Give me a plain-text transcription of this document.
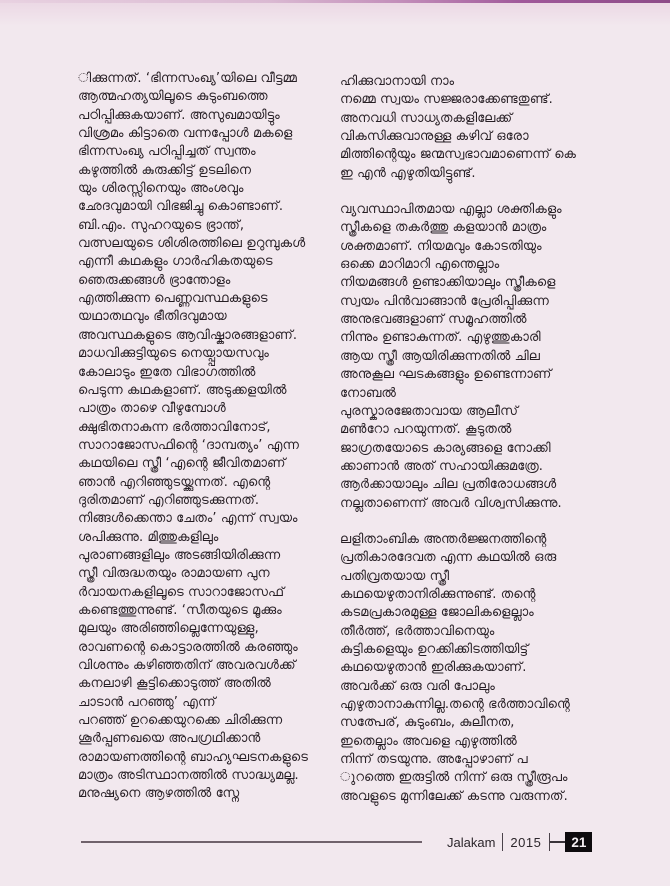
ിക്കുന്നത്. ‘ഭിന്നസംഖ്യ’യിലെ വീട്ടമ്മ
ആത്മഹത്യയിലൂടെ കുടുംബത്തെ
പഠിപ്പിക്കുകയാണ്. അസുഖമായിട്ടും
വിശ്രമം കിട്ടാതെ വന്നപ്പോൾ മകളെ
ഭിന്നസംഖ്യ പഠിപ്പിച്ചത് സ്വന്തം
കഴുത്തിൽ കുരുക്കിട്ട് ഉടലിനെ
യും ശിരസ്സിനെയും അംശവും
ഛേദവുമായി വിഭജിച്ചു കൊണ്ടാണ്.
ബി.എം. സുഹറയുടെ ഭ്രാന്ത്,
വത്സലയുടെ ശിശിരത്തിലെ ഉറുമ്പുകൾ
എന്നീ കഥകളും ഗാർഹികതയുടെ
ഞെരുക്കങ്ങൾ ഭ്രാന്തോളം
എത്തിക്കുന്ന പെണ്ണവസ്ഥകളുടെ
യഥാതഥവും ഭീതിദവുമായ
അവസ്ഥകളുടെ ആവിഷ്കാരങ്ങളാണ്.
മാധവിക്കുട്ടിയുടെ നെയ്പ്പായസവും
കോലാടും ഇതേ വിഭാഗത്തിൽ
പെടുന്ന കഥകളാണ്. അടുക്കളയിൽ
പാത്രം താഴെ വീഴുമ്പോൾ
ക്ഷുഭിതനാകുന്ന ഭർത്താവിനോട്,
സാറാജോസഫിന്റെ ‘ദാമ്പത്യം’ എന്ന
കഥയിലെ സ്ത്രീ ‘എന്റെ ജീവിതമാണ്
ഞാൻ എറിഞ്ഞുടയ്ക്കുന്നത്. എന്റെ
ദുരിതമാണ് എറിഞ്ഞുടക്കുന്നത്.
നിങ്ങൾക്കെന്താ ചേതം’ എന്ന് സ്വയം
ശപിക്കുന്നു. മിത്തുകളിലും
പുരാണങ്ങളിലും അടങ്ങിയിരിക്കുന്ന
സ്ത്രീ വിരുദ്ധതയും രാമായണ പുന
ർവായനകളിലൂടെ സാറാജോസഫ്
കണ്ടെത്തുന്നുണ്ട്. ‘സീതയുടെ മൂക്കും
മുലയും അരിഞ്ഞില്ലെന്നേയുള്ളു,
രാവണന്റെ കൊട്ടാരത്തിൽ കരഞ്ഞും
വിശന്നും കഴിഞ്ഞതിന് അവരവൾക്ക്
കനലാഴി കൂട്ടിക്കൊടുത്ത് അതിൽ
ചാടാൻ പറഞ്ഞു’ എന്ന്
പറഞ്ഞ് ഉറക്കെയുറക്കെ ചിരിക്കുന്ന
ശൂർപ്പണഖയെ അപഗ്രഥിക്കാൻ
രാമായണത്തിന്റെ ബാഹ്യഘടനകളുടെ
മാത്രം അടിസ്ഥാനത്തിൽ സാദ്ധ്യമല്ല.
മനുഷ്യനെ ആഴത്തിൽ സ്നേ
ഹിക്കുവാനായി നാം
നമ്മെ സ്വയം സജ്ജരാക്കേണ്ടതുണ്ട്.
അനവധി സാധ്യതകളിലേക്ക്
വികസിക്കുവാനുള്ള കഴിവ് ഒരോ
മിത്തിന്റെയും ജന്മസ്വഭാവമാണെന്ന് കെ
ഇ എൻ എഴുതിയിട്ടുണ്ട്.
വ്യവസ്ഥാപിതമായ എല്ലാ ശക്തികളും
സ്ത്രീകളെ തകർത്തു കളയാൻ മാത്രം
ശക്തമാണ്. നിയമവും കോടതിയും
ഒക്കെ മാറിമാറി എന്തെല്ലാം
നിയമങ്ങൾ ഉണ്ടാക്കിയാലും സ്ത്രീകളെ
സ്വയം പിൻവാങ്ങാൻ പ്രേരിപ്പിക്കുന്ന
അനുഭവങ്ങളാണ് സമൂഹത്തിൽ
നിന്നും ഉണ്ടാകുന്നത്. എഴുത്തുകാരി
ആയ സ്ത്രീ ആയിരിക്കുന്നതിൽ ചില
അനുകൂല ഘടകങ്ങളും ഉണ്ടെന്നാണ്
നോബൽ
പുരസ്കാരജേതാവായ ആലീസ്
മൺറോ പറയുന്നത്. കൂടുതൽ
ജാഗ്രതയോടെ കാര്യങ്ങളെ നോക്കി
ക്കാണാൻ അത് സഹായിക്കുമത്രേ.
ആർക്കായാലും ചില പ്രതിരോധങ്ങൾ
നല്ലതാണെന്ന് അവർ വിശ്വസിക്കുന്നു.
ലളിതാംബിക അന്തർജ്ജനത്തിന്റെ
പ്രതികാരദേവത എന്ന കഥയിൽ ഒരു
പതിവ്രതയായ സ്ത്രീ
കഥയെഴുതാനിരിക്കുന്നുണ്ട്. തന്റെ
കടമപ്രകാരമുള്ള ജോലികളെല്ലാം
തീർത്ത്, ഭർത്താവിനെയും
കുട്ടികളെയും ഉറക്കിക്കിടത്തിയിട്ട്
കഥയെഴുതാൻ ഇരിക്കുകയാണ്.
അവർക്ക് ഒരു വരി പോലും
എഴുതാനാകുന്നില്ല.തന്റെ ഭർത്താവിന്റെ
സത്പേര്, കുടുംബം, കുലീനത,
ഇതെല്ലാം അവളെ എഴുത്തിൽ
നിന്ന് തടയുന്നു. അപ്പോഴാണ് പ
ുറത്തെ ഇരുട്ടിൽ നിന്ന് ഒരു സ്ത്രീരൂപം
അവളുടെ മുന്നിലേക്ക് കടന്നു വരുന്നത്.
Jalakam 2015	21
